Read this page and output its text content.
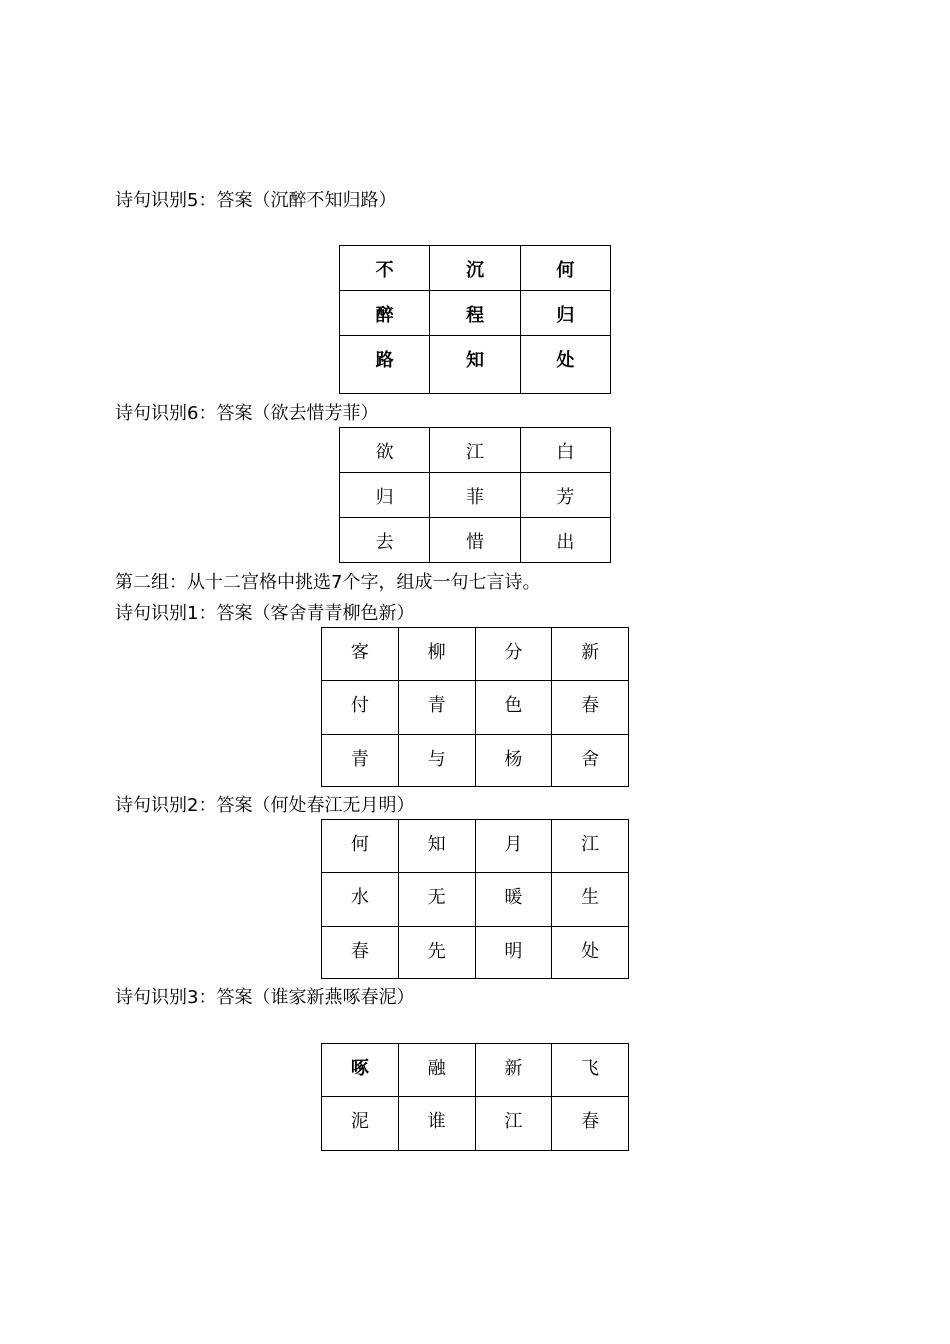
诗句识别5：答案（沉醉不知归路）
不	沉	何

醉	程	归

路	知	处
诗句识别6：答案（欲去惜芳菲）
欲	江	白

归	菲	芳

去	惜	出
第二组：从十二宫格中挑选7个字，组成一句七言诗。
诗句识别1：答案（客舍青青柳色新）
客	柳	分	新

付	青	色	春

青	与	杨	舍
诗句识别2：答案（何处春江无月明）
何	知	月	江

水	无	暖	生

春	先	明	处
诗句识别3：答案（谁家新燕啄春泥）
啄	融	新	飞

泥	谁	江	春
